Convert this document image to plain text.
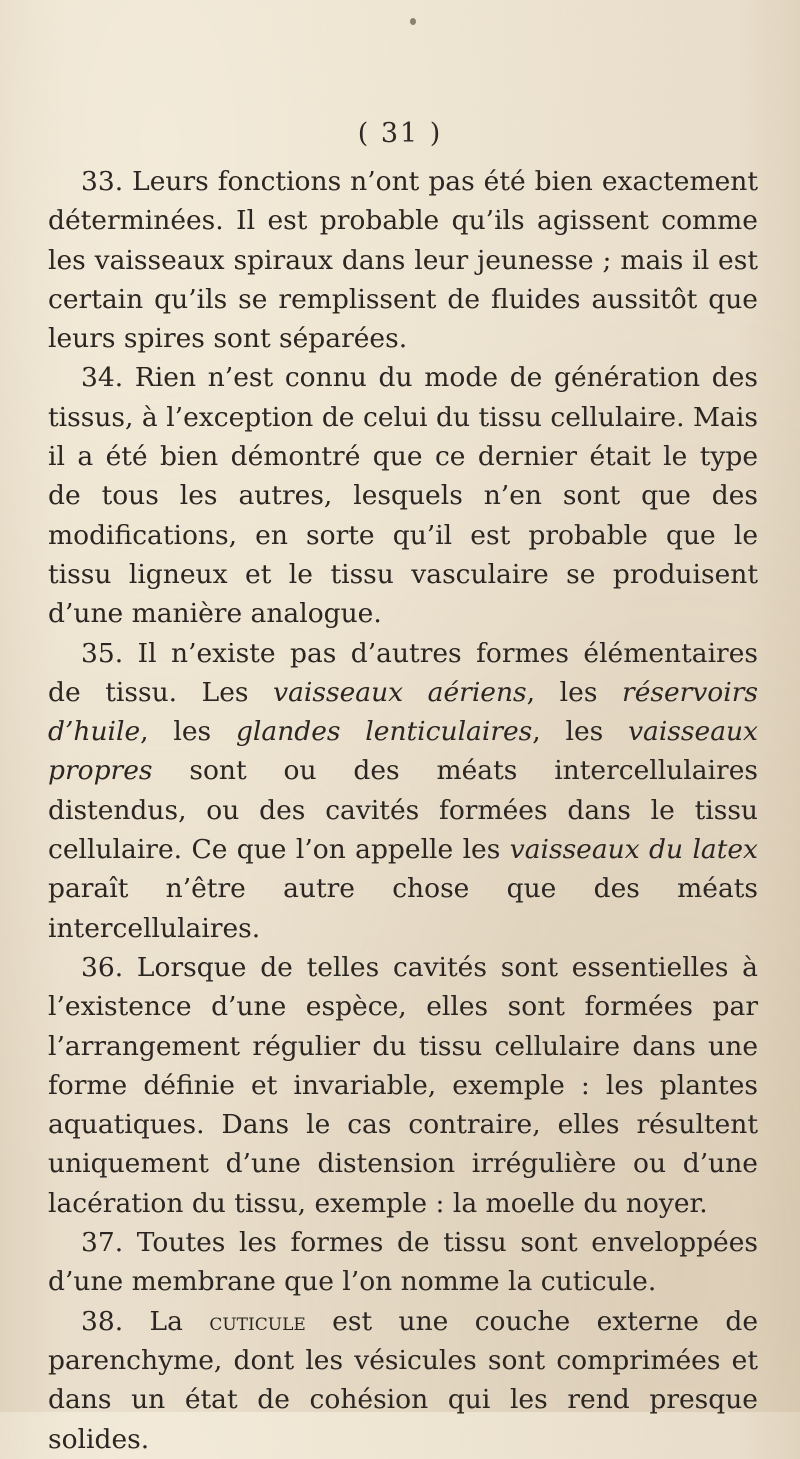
( 31 )

33. Leurs fonctions n’ont pas été bien exactement déterminées. Il est probable qu’ils agissent comme les vaisseaux spiraux dans leur jeunesse ; mais il est certain qu’ils se remplissent de fluides aussitôt que leurs spires sont séparées.

34. Rien n’est connu du mode de génération des tissus, à l’exception de celui du tissu cellulaire. Mais il a été bien démontré que ce dernier était le type de tous les autres, lesquels n’en sont que des modifications, en sorte qu’il est probable que le tissu ligneux et le tissu vasculaire se produisent d’une manière analogue.

35. Il n’existe pas d’autres formes élémentaires de tissu. Les vaisseaux aériens, les réservoirs d’huile, les glandes lenticulaires, les vaisseaux propres sont ou des méats intercellulaires distendus, ou des cavités formées dans le tissu cellulaire. Ce que l’on appelle les vaisseaux du latex paraît n’être autre chose que des méats intercellulaires.

36. Lorsque de telles cavités sont essentielles à l’existence d’une espèce, elles sont formées par l’arrangement régulier du tissu cellulaire dans une forme définie et invariable, exemple : les plantes aquatiques. Dans le cas contraire, elles résultent uniquement d’une distension irrégulière ou d’une lacération du tissu, exemple : la moelle du noyer.

37. Toutes les formes de tissu sont enveloppées d’une membrane que l’on nomme la cuticule.

38. La cuticule est une couche externe de parenchyme, dont les vésicules sont comprimées et dans un état de cohésion qui les rend presque solides.
